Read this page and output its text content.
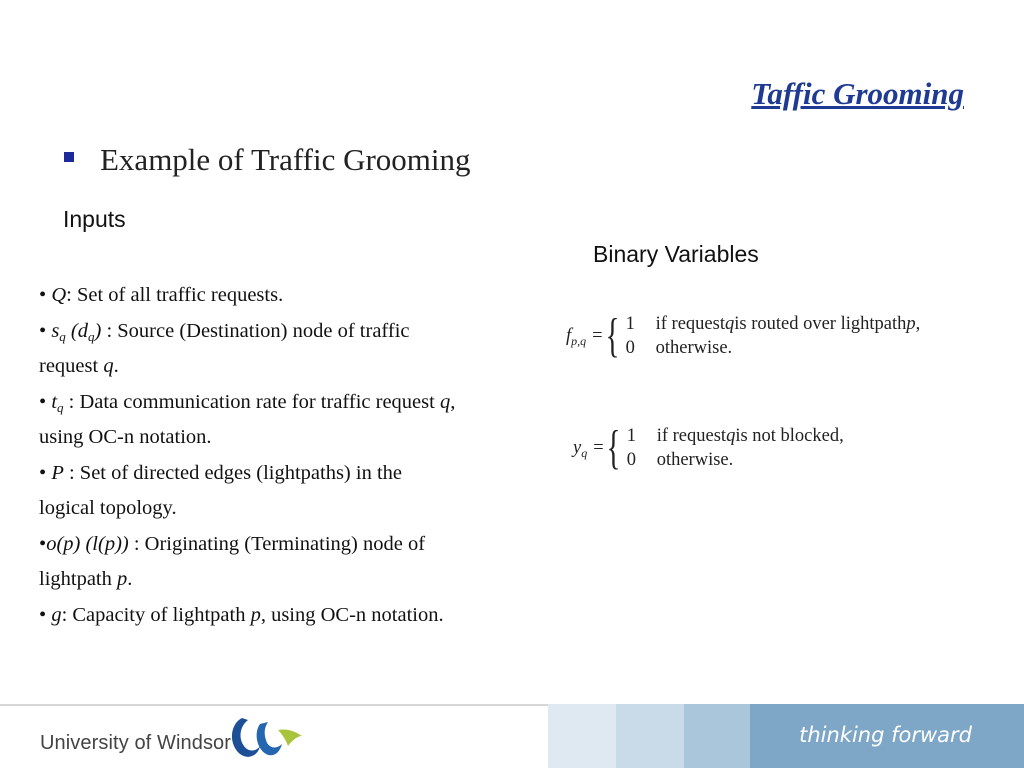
Taffic Grooming
Example of Traffic Grooming
Inputs
Binary Variables

• Q: Set of all traffic requests.

• $s_q$ $(d_q)$ : Source (Destination) node of traffic
request q.

• $t_q$ : Data communication rate for traffic request q,
using OC-n notation.

• P : Set of directed edges (lightpaths) in the
logical topology.

•o(p) (l(p)) : Originating (Terminating) node of
lightpath p.

• g: Capacity of lightpath p, using OC-n notation.

$f_{p,q}$ = { 1	if request q is routed over lightpath p ,
0	otherwise.
$y_q$ = { 1	if request q is not blocked,
0	otherwise.
University of Windsor	thinking forward
